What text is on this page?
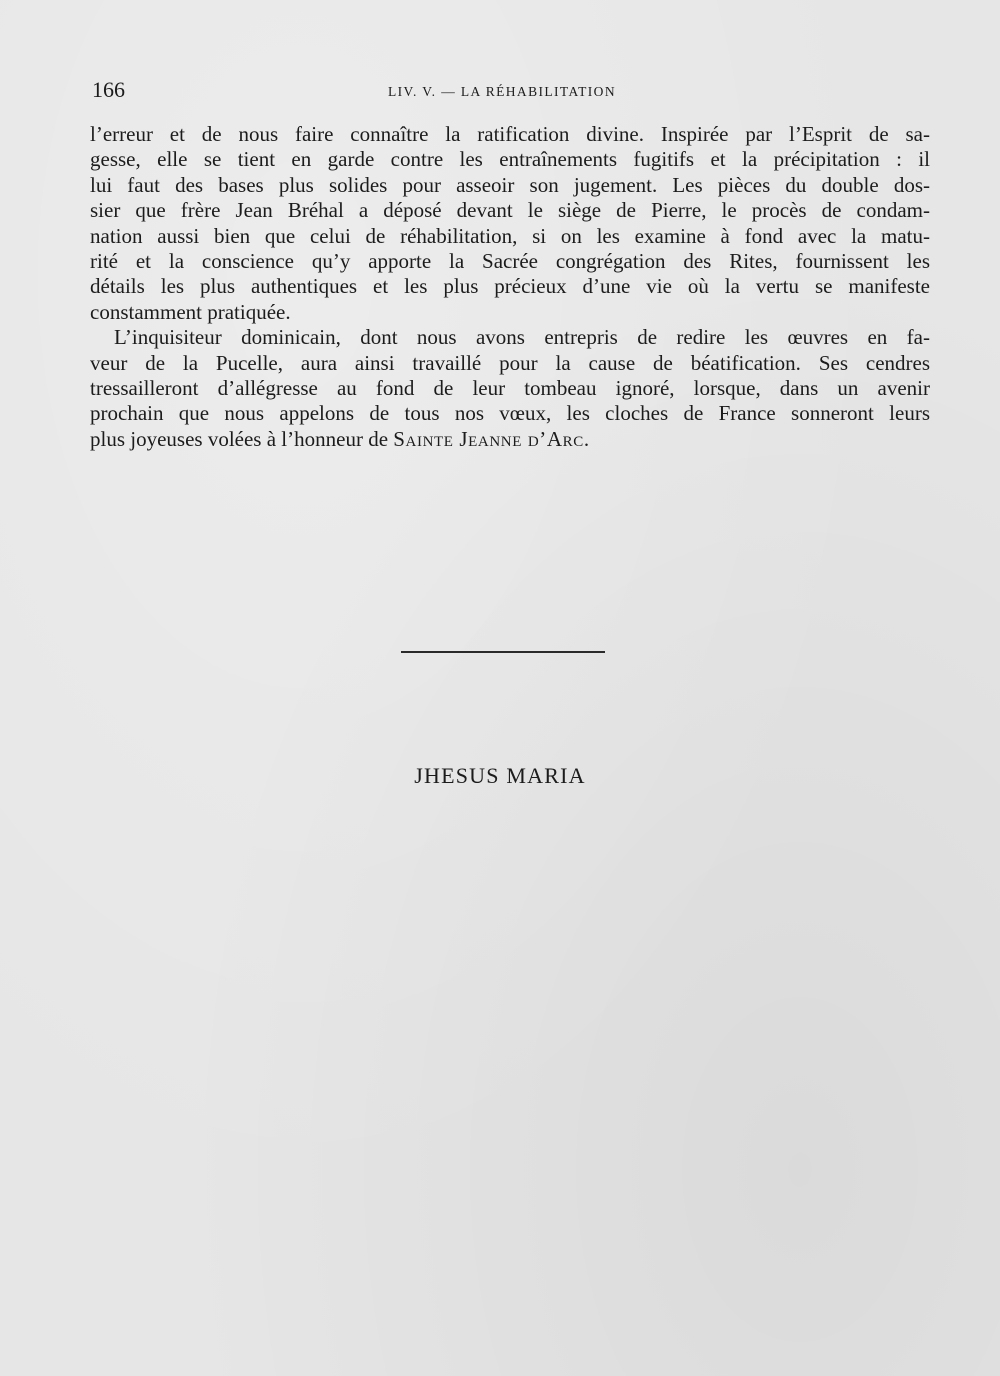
166	LIV. V. — LA RÉHABILITATION

l’erreur et de nous faire connaître la ratification divine. Inspirée par l’Esprit de sa-
gesse, elle se tient en garde contre les entraînements fugitifs et la précipitation : il
lui faut des bases plus solides pour asseoir son jugement. Les pièces du double dos-
sier que frère Jean Bréhal a déposé devant le siège de Pierre, le procès de condam-
nation aussi bien que celui de réhabilitation, si on les examine à fond avec la matu-
rité et la conscience qu’y apporte la Sacrée congrégation des Rites, fournissent les
détails les plus authentiques et les plus précieux d’une vie où la vertu se manifeste
constamment pratiquée.

L’inquisiteur dominicain, dont nous avons entrepris de redire les œuvres en fa-
veur de la Pucelle, aura ainsi travaillé pour la cause de béatification. Ses cendres
tressailleront d’allégresse au fond de leur tombeau ignoré, lorsque, dans un avenir
prochain que nous appelons de tous nos vœux, les cloches de France sonneront leurs
plus joyeuses volées à l’honneur de Sainte Jeanne d’Arc.

JHESUS MARIA
